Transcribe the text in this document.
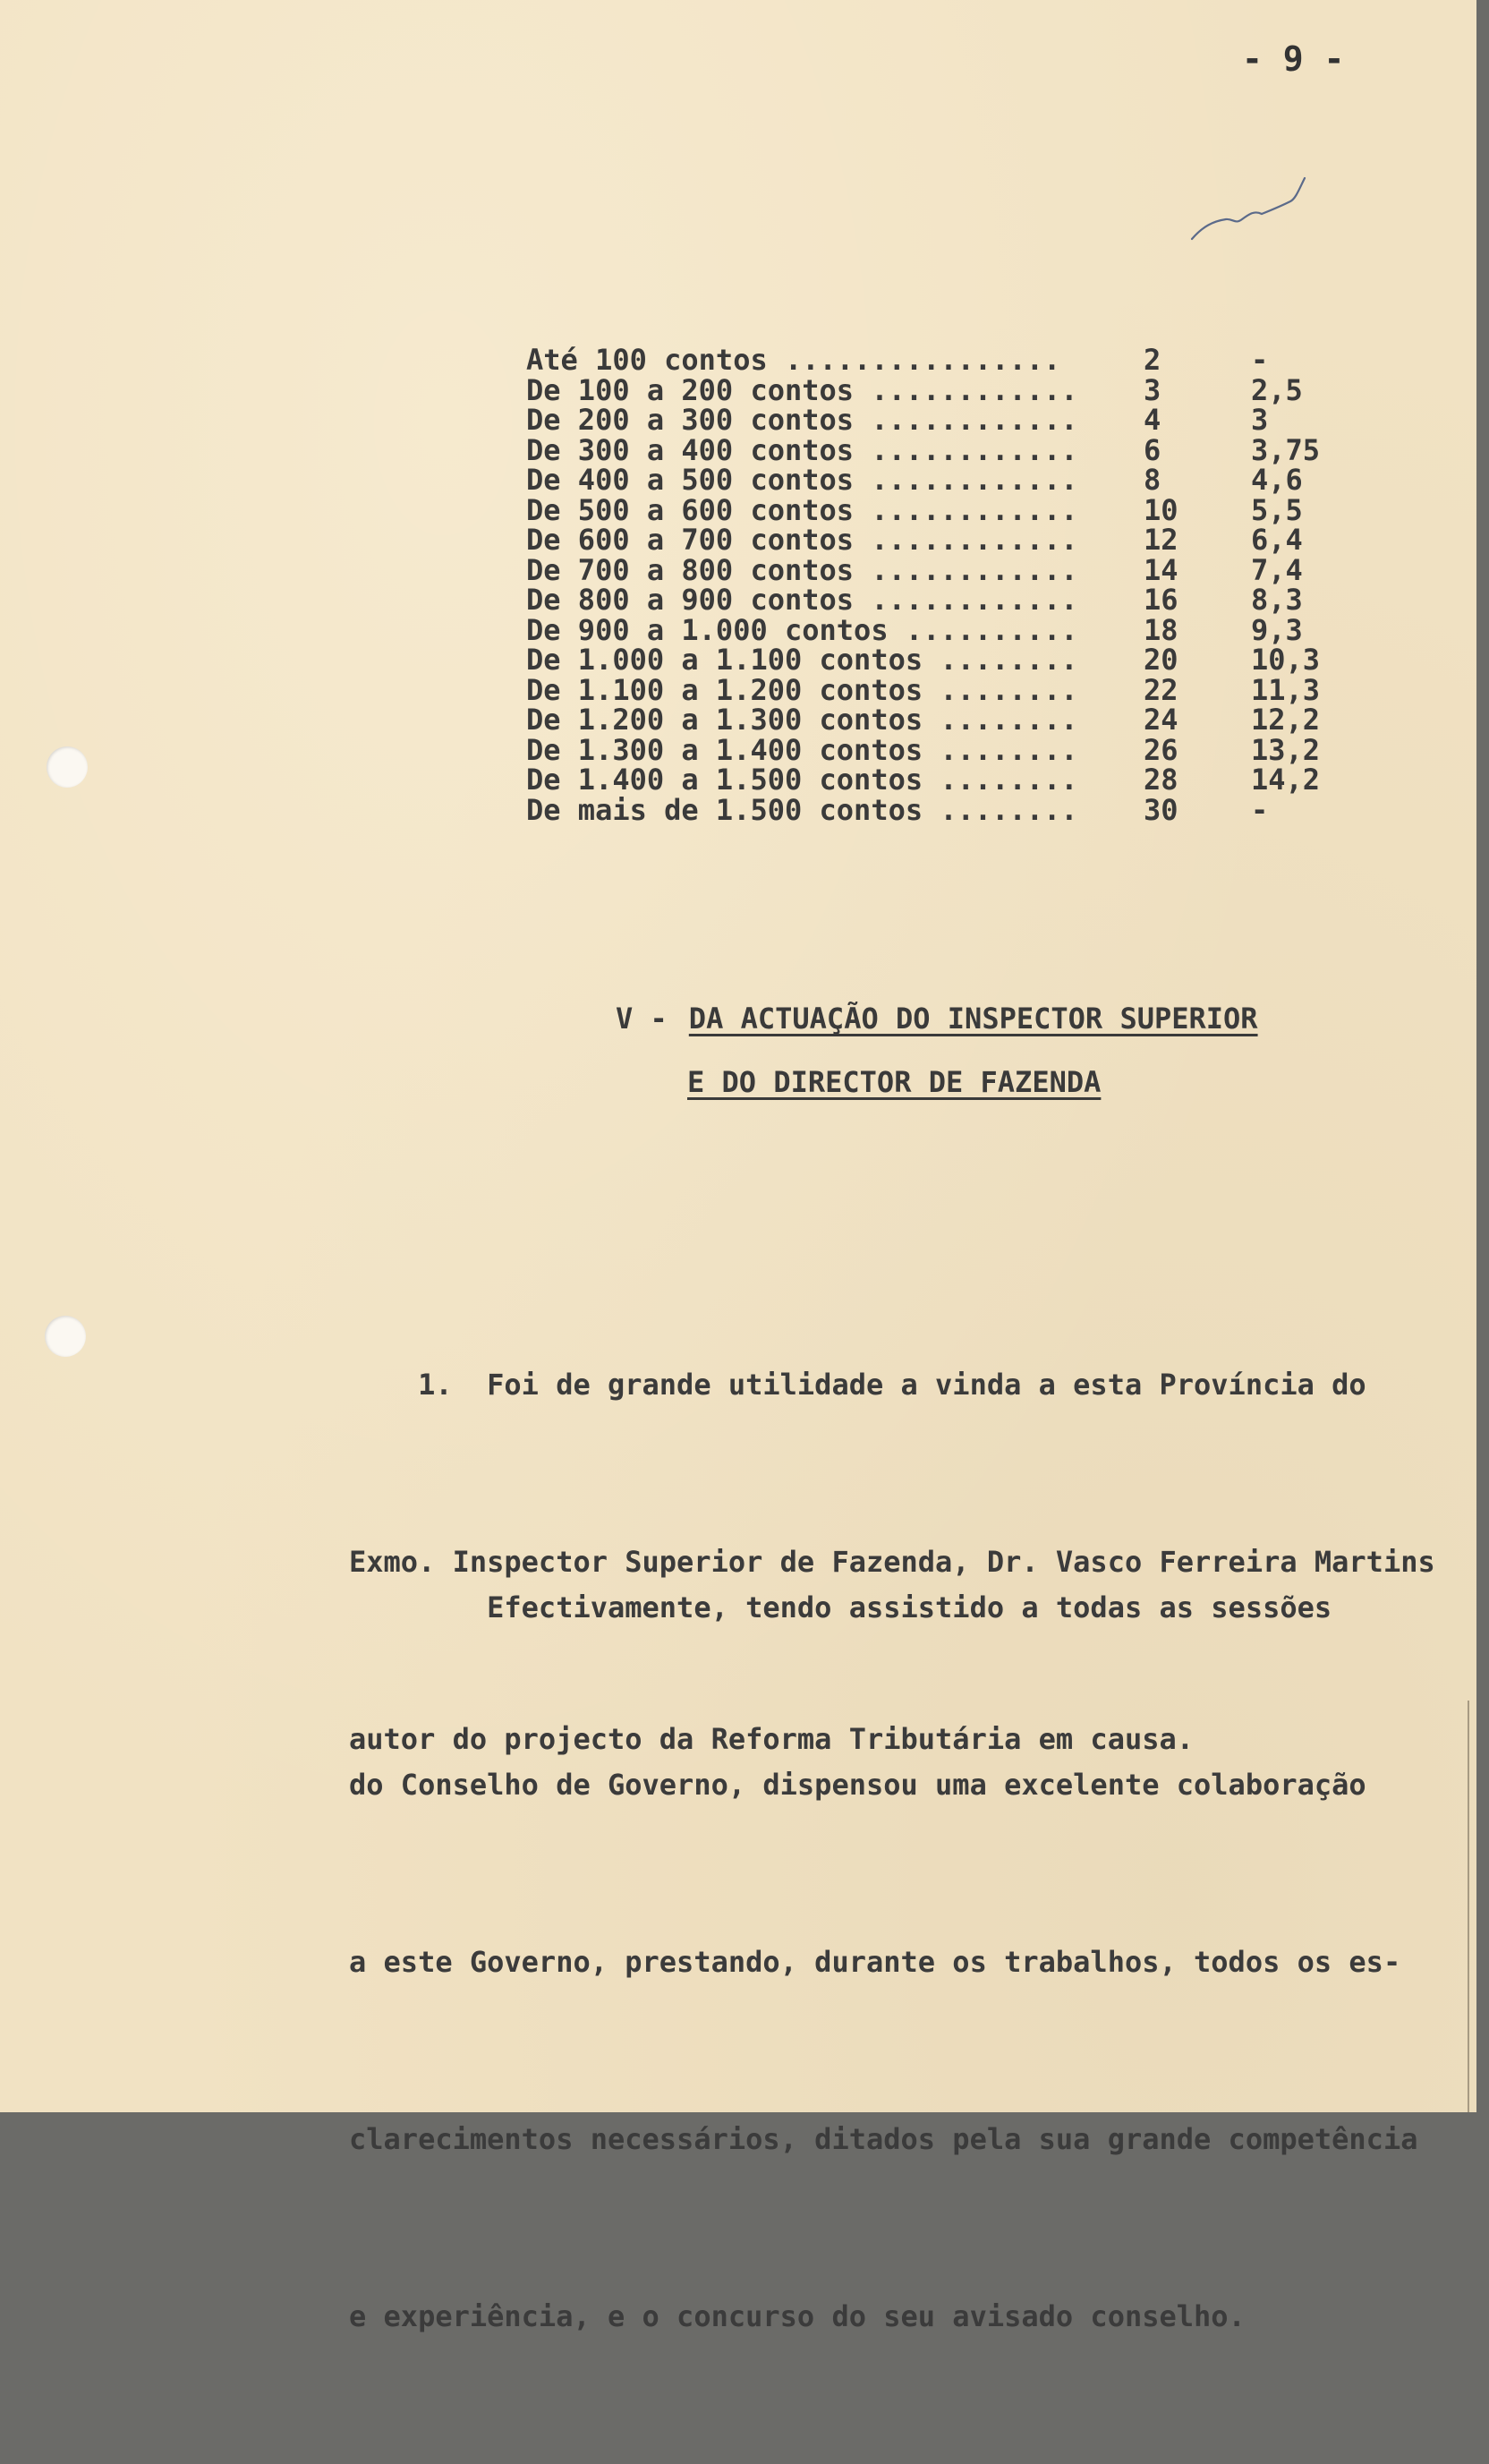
- 9 -

Até 100 contos ................	2	-
De 100 a 200 contos ............	3	2,5
De 200 a 300 contos ............	4	3
De 300 a 400 contos ............	6	3,75
De 400 a 500 contos ............	8	4,6
De 500 a 600 contos ............	10	5,5
De 600 a 700 contos ............	12	6,4
De 700 a 800 contos ............	14	7,4
De 800 a 900 contos ............	16	8,3
De 900 a 1.000 contos ..........	18	9,3
De 1.000 a 1.100 contos ........	20	10,3
De 1.100 a 1.200 contos ........	22	11,3
De 1.200 a 1.300 contos ........	24	12,2
De 1.300 a 1.400 contos ........	26	13,2
De 1.400 a 1.500 contos ........	28	14,2
De mais de 1.500 contos ........	30	-
V - DA ACTUAÇÃO DO INSPECTOR SUPERIOR

E DO DIRECTOR DE FAZENDA

1.  Foi de grande utilidade a vinda a esta Província do

Exmo. Inspector Superior de Fazenda, Dr. Vasco Ferreira Martins

autor do projecto da Reforma Tributária em causa.

Efectivamente, tendo assistido a todas as sessões

do Conselho de Governo, dispensou uma excelente colaboração

a este Governo, prestando, durante os trabalhos, todos os es-

clarecimentos necessários, ditados pela sua grande competência

e experiência, e o concurso do seu avisado conselho.
